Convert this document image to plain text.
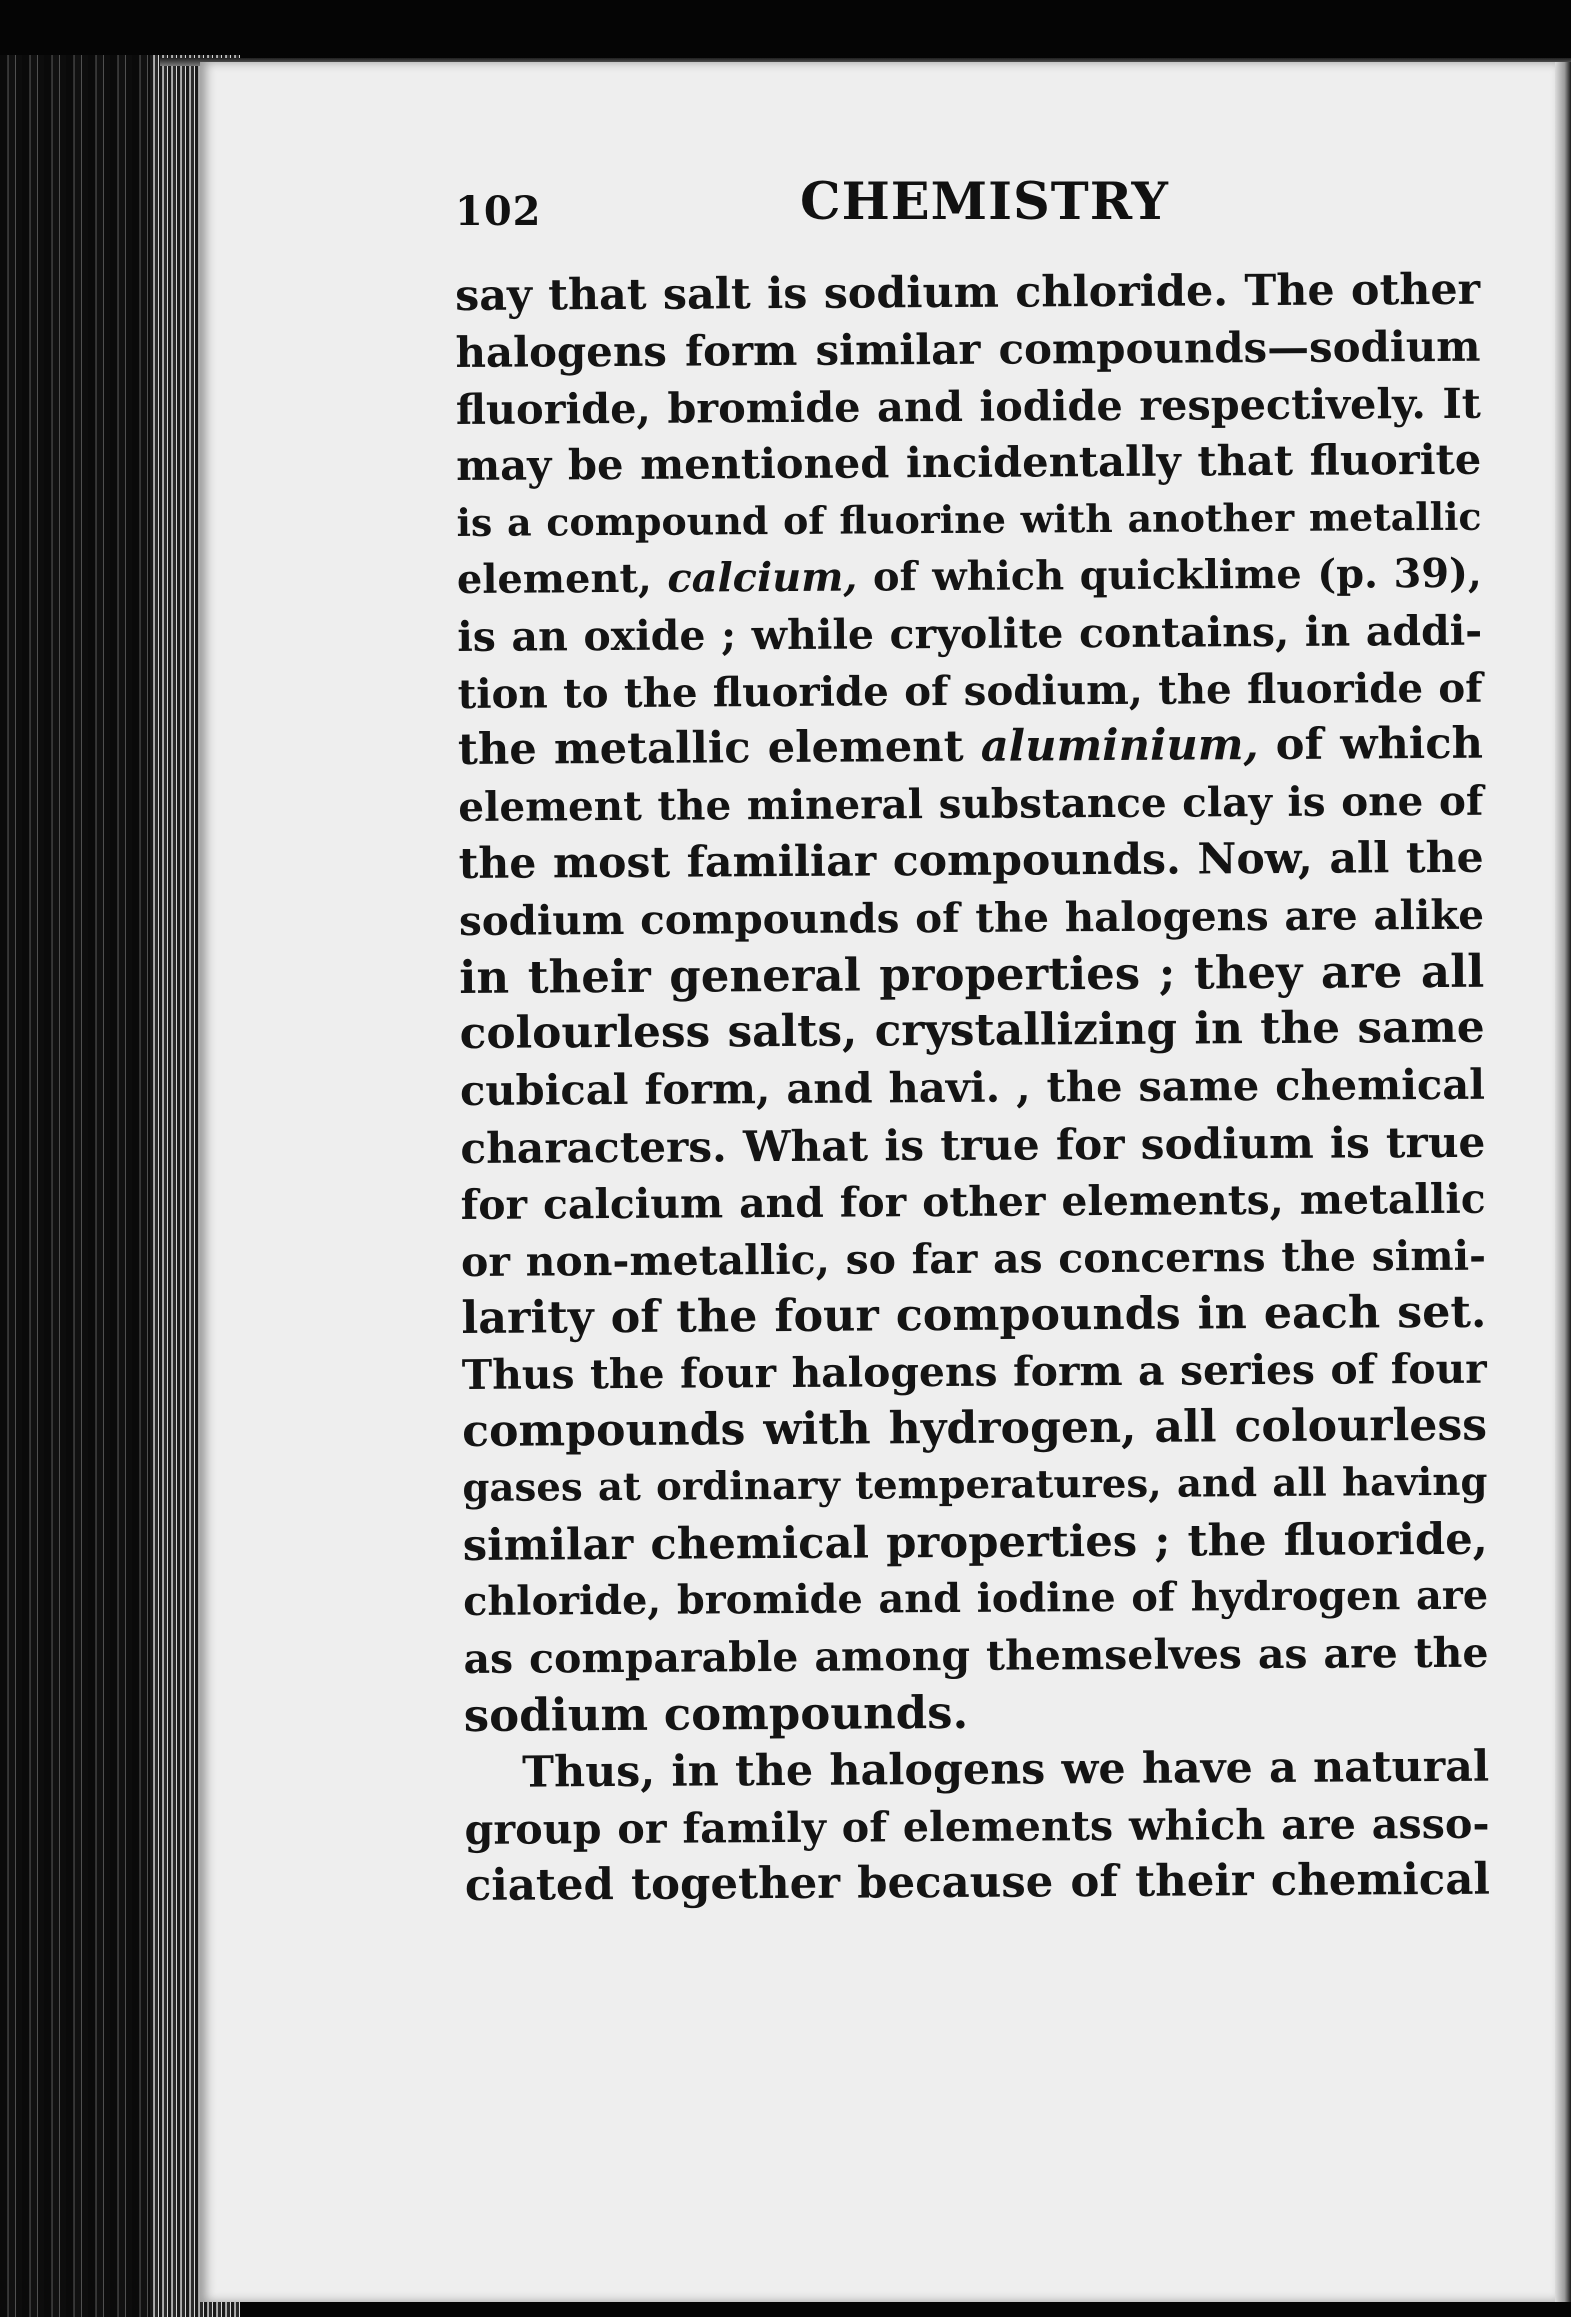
102	CHEMISTRY
say that salt is sodium chloride. The other
halogens form similar compounds—sodium
fluoride, bromide and iodide respectively. It
may be mentioned incidentally that fluorite
is a compound of fluorine with another metallic
element, calcium, of which quicklime (p. 39),
is an oxide ; while cryolite contains, in addi-
tion to the fluoride of sodium, the fluoride of
the metallic element aluminium, of which
element the mineral substance clay is one of
the most familiar compounds. Now, all the
sodium compounds of the halogens are alike
in their general properties ; they are all
colourless salts, crystallizing in the same
cubical form, and havi. , the same chemical
characters. What is true for sodium is true
for calcium and for other elements, metallic
or non-metallic, so far as concerns the simi-
larity of the four compounds in each set.
Thus the four halogens form a series of four
compounds with hydrogen, all colourless
gases at ordinary temperatures, and all having
similar chemical properties ; the fluoride,
chloride, bromide and iodine of hydrogen are
as comparable among themselves as are the
sodium compounds.
Thus, in the halogens we have a natural
group or family of elements which are asso-
ciated together because of their chemical
